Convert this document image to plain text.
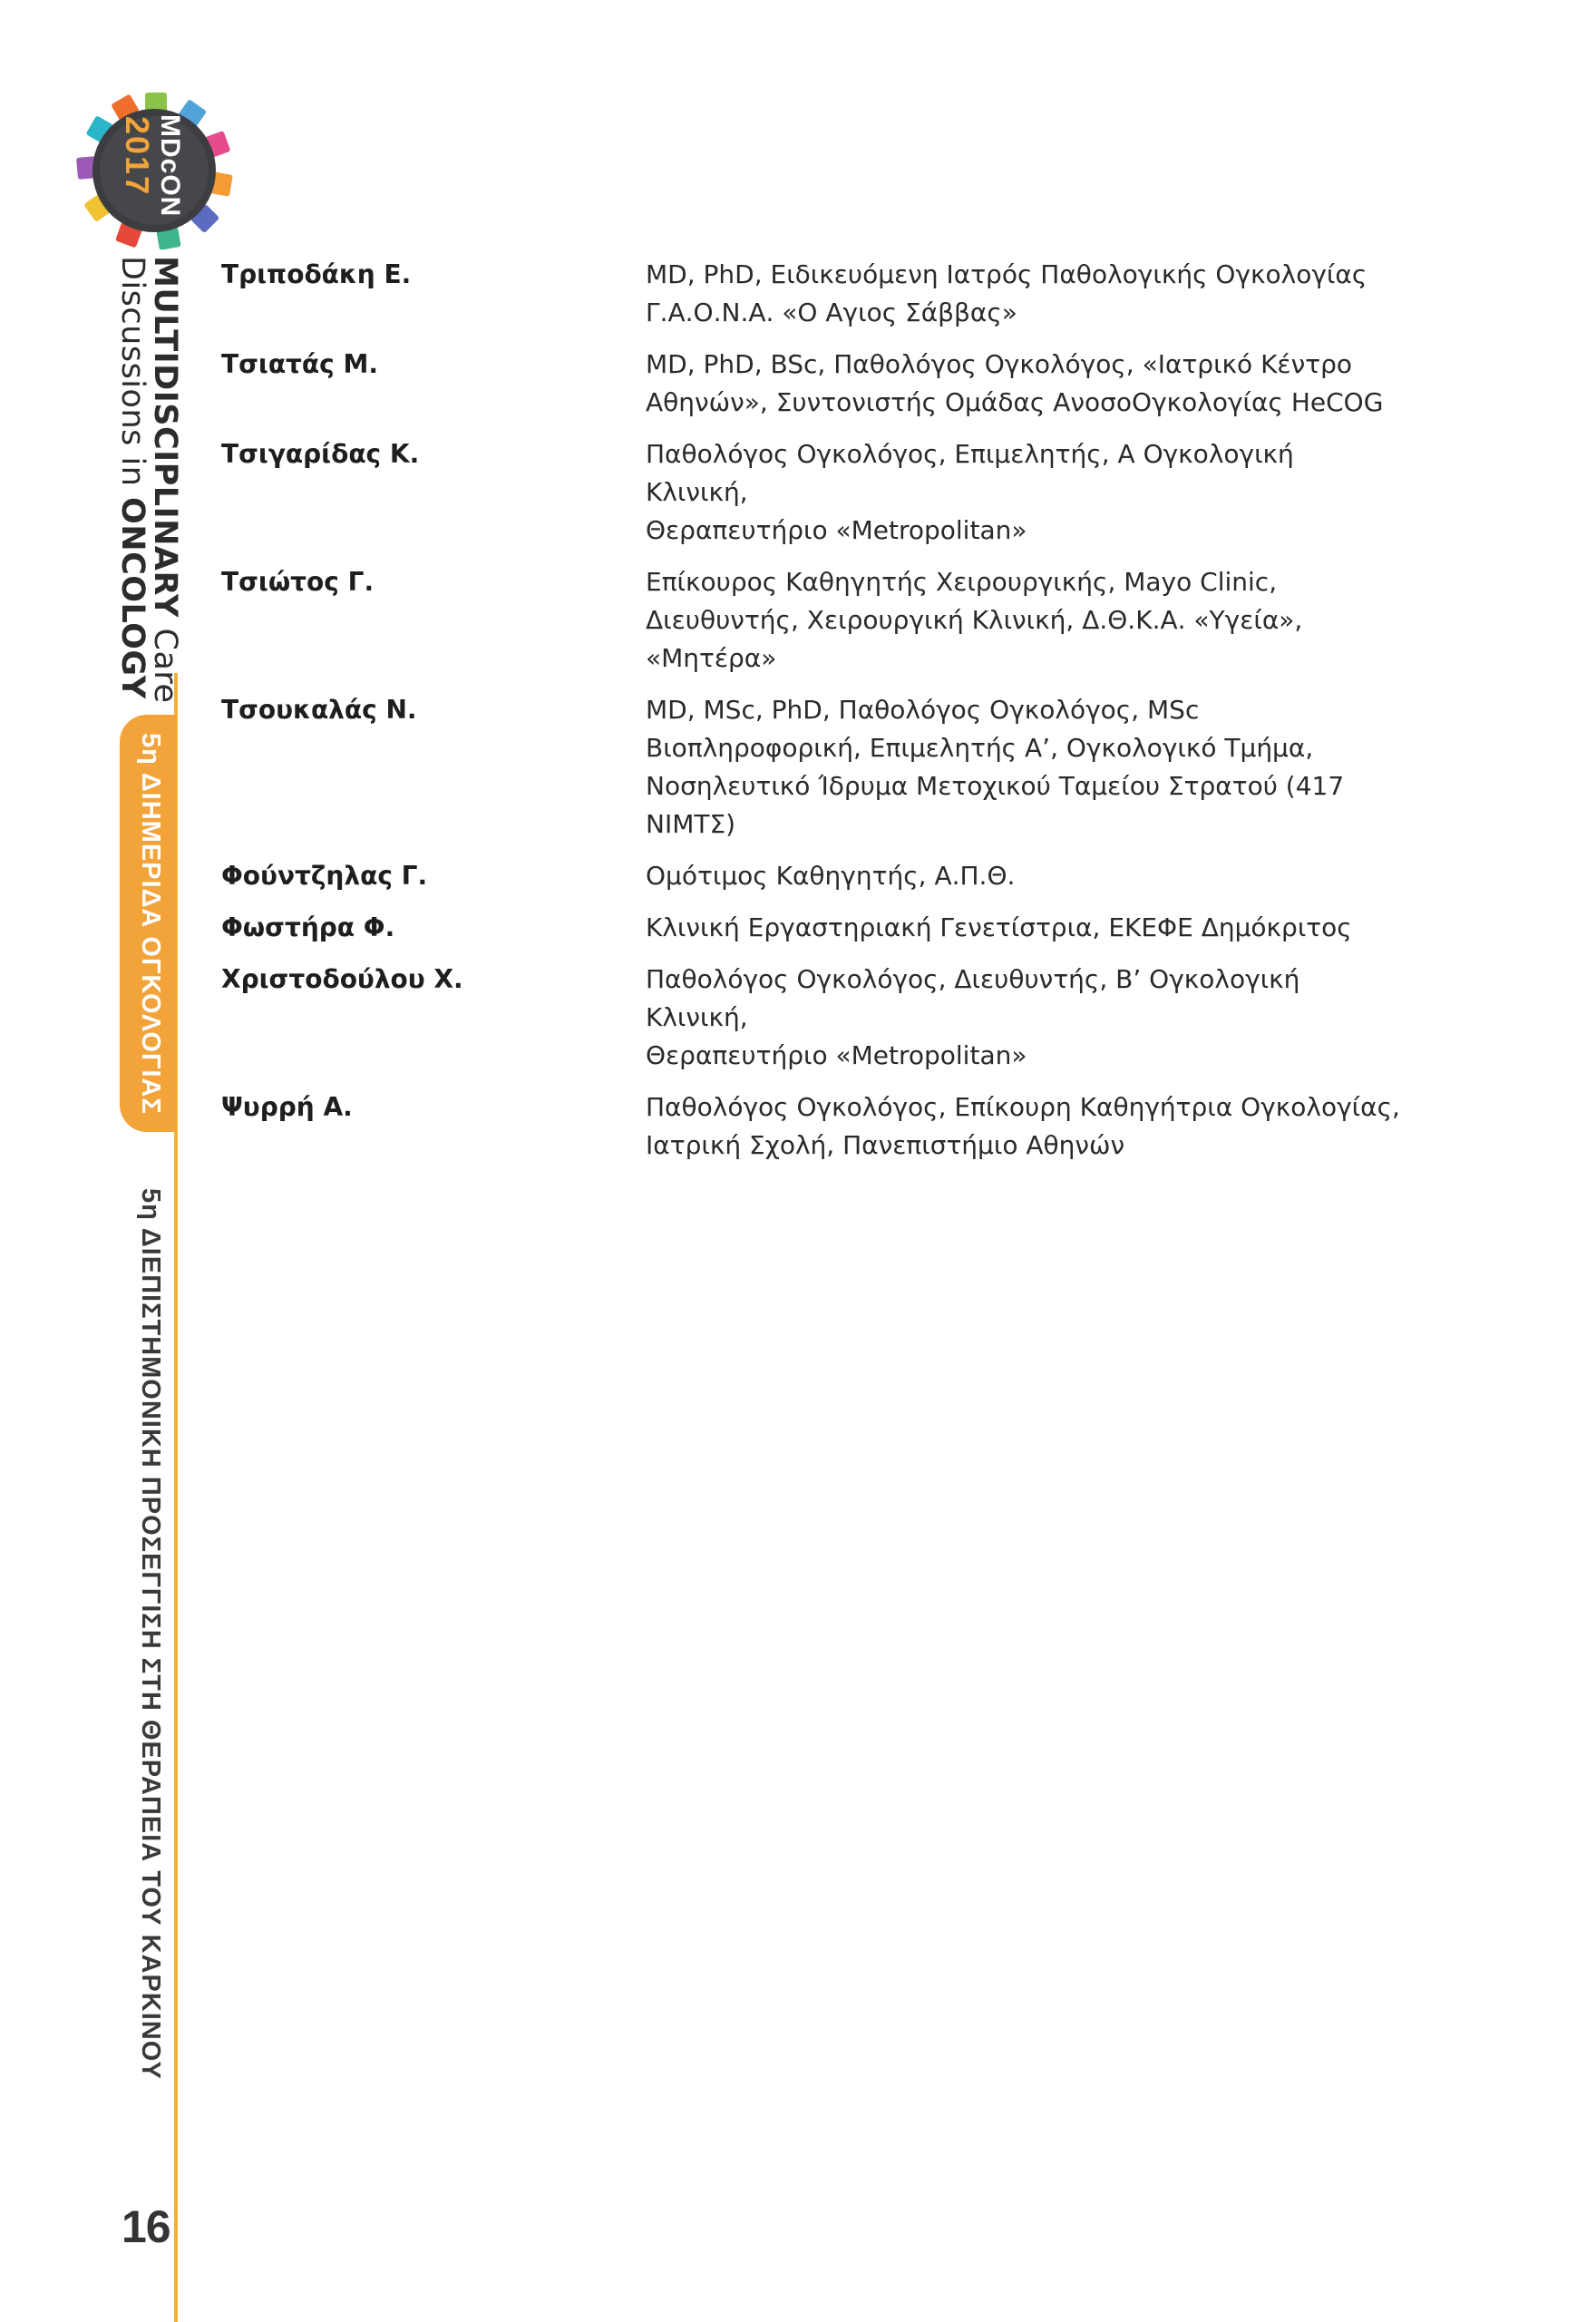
MDcON
2017
MULTIDISCIPLINARY Care
Discussions in ONCOLOGY
5η ΔΙΗΜΕΡΙΔΑ ΟΓΚΟΛΟΓΙΑΣ
5η ΔΙΕΠΙΣΤΗΜΟΝΙΚΗ ΠΡΟΣΕΓΓΙΣΗ ΣΤΗ ΘΕΡΑΠΕΙΑ ΤΟΥ ΚΑΡΚΙΝΟΥ
16
Τριποδάκη Ε.	MD, PhD, Ειδικευόμενη Ιατρός Παθολογικής Ογκολογίας
Γ.Α.Ο.Ν.Α. «Ο Αγιος Σάββας»
Τσιατάς Μ.	MD, PhD, BSc, Παθολόγος Ογκολόγος, «Ιατρικό Κέντρο
Αθηνών», Συντονιστής Ομάδας ΑνοσοΟγκολογίας HeCOG
Τσιγαρίδας Κ.	Παθολόγος Ογκολόγος, Επιμελητής, Α Ογκολογική Κλινική,
Θεραπευτήριο «Metropolitan»
Τσιώτος Γ.	Επίκουρος Καθηγητής Χειρουργικής, Mayo Clinic,
Διευθυντής, Χειρουργική Κλινική, Δ.Θ.Κ.Α. «Υγεία»,
«Μητέρα»
Τσουκαλάς Ν.	MD, MSc, PhD, Παθολόγος Ογκολόγος, MSc
Βιοπληροφορική, Επιμελητής Α’, Ογκολογικό Τμήμα,
Νοσηλευτικό Ίδρυμα Μετοχικού Ταμείου Στρατού (417
ΝΙΜΤΣ)
Φούντζηλας Γ.	Ομότιμος Καθηγητής, Α.Π.Θ.
Φωστήρα Φ.	Κλινική Εργαστηριακή Γενετίστρια, ΕΚΕΦΕ Δημόκριτος
Χριστοδούλου Χ.	Παθολόγος Ογκολόγος, Διευθυντής, Β’ Ογκολογική Κλινική,
Θεραπευτήριο «Metropolitan»
Ψυρρή Α.	Παθολόγος Ογκολόγος, Επίκουρη Καθηγήτρια Ογκολογίας,
Ιατρική Σχολή, Πανεπιστήμιο Αθηνών
